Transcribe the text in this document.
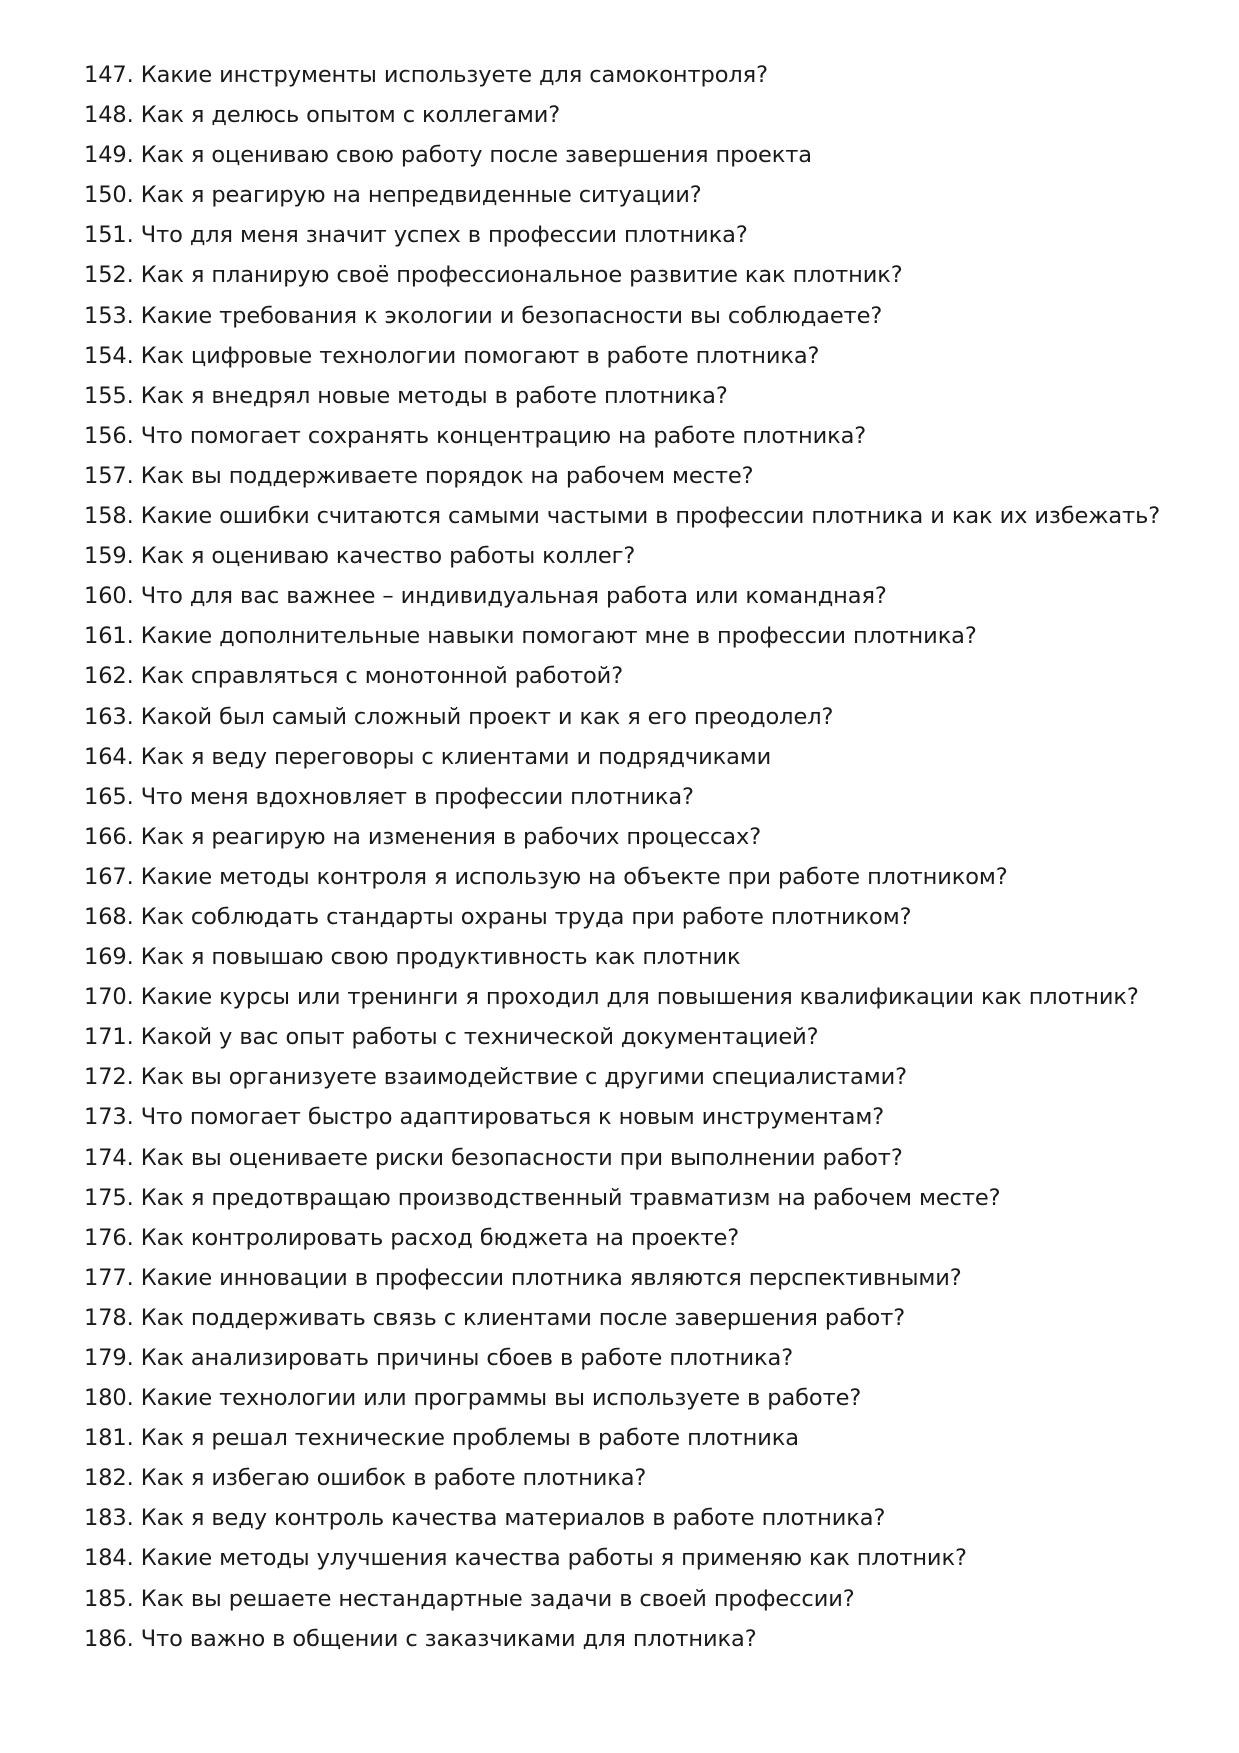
147. Какие инструменты используете для самоконтроля?
148. Как я делюсь опытом с коллегами?
149. Как я оцениваю свою работу после завершения проекта
150. Как я реагирую на непредвиденные ситуации?
151. Что для меня значит успех в профессии плотника?
152. Как я планирую своё профессиональное развитие как плотник?
153. Какие требования к экологии и безопасности вы соблюдаете?
154. Как цифровые технологии помогают в работе плотника?
155. Как я внедрял новые методы в работе плотника?
156. Что помогает сохранять концентрацию на работе плотника?
157. Как вы поддерживаете порядок на рабочем месте?
158. Какие ошибки считаются самыми частыми в профессии плотника и как их избежать?
159. Как я оцениваю качество работы коллег?
160. Что для вас важнее – индивидуальная работа или командная?
161. Какие дополнительные навыки помогают мне в профессии плотника?
162. Как справляться с монотонной работой?
163. Какой был самый сложный проект и как я его преодолел?
164. Как я веду переговоры с клиентами и подрядчиками
165. Что меня вдохновляет в профессии плотника?
166. Как я реагирую на изменения в рабочих процессах?
167. Какие методы контроля я использую на объекте при работе плотником?
168. Как соблюдать стандарты охраны труда при работе плотником?
169. Как я повышаю свою продуктивность как плотник
170. Какие курсы или тренинги я проходил для повышения квалификации как плотник?
171. Какой у вас опыт работы с технической документацией?
172. Как вы организуете взаимодействие с другими специалистами?
173. Что помогает быстро адаптироваться к новым инструментам?
174. Как вы оцениваете риски безопасности при выполнении работ?
175. Как я предотвращаю производственный травматизм на рабочем месте?
176. Как контролировать расход бюджета на проекте?
177. Какие инновации в профессии плотника являются перспективными?
178. Как поддерживать связь с клиентами после завершения работ?
179. Как анализировать причины сбоев в работе плотника?
180. Какие технологии или программы вы используете в работе?
181. Как я решал технические проблемы в работе плотника
182. Как я избегаю ошибок в работе плотника?
183. Как я веду контроль качества материалов в работе плотника?
184. Какие методы улучшения качества работы я применяю как плотник?
185. Как вы решаете нестандартные задачи в своей профессии?
186. Что важно в общении с заказчиками для плотника?
